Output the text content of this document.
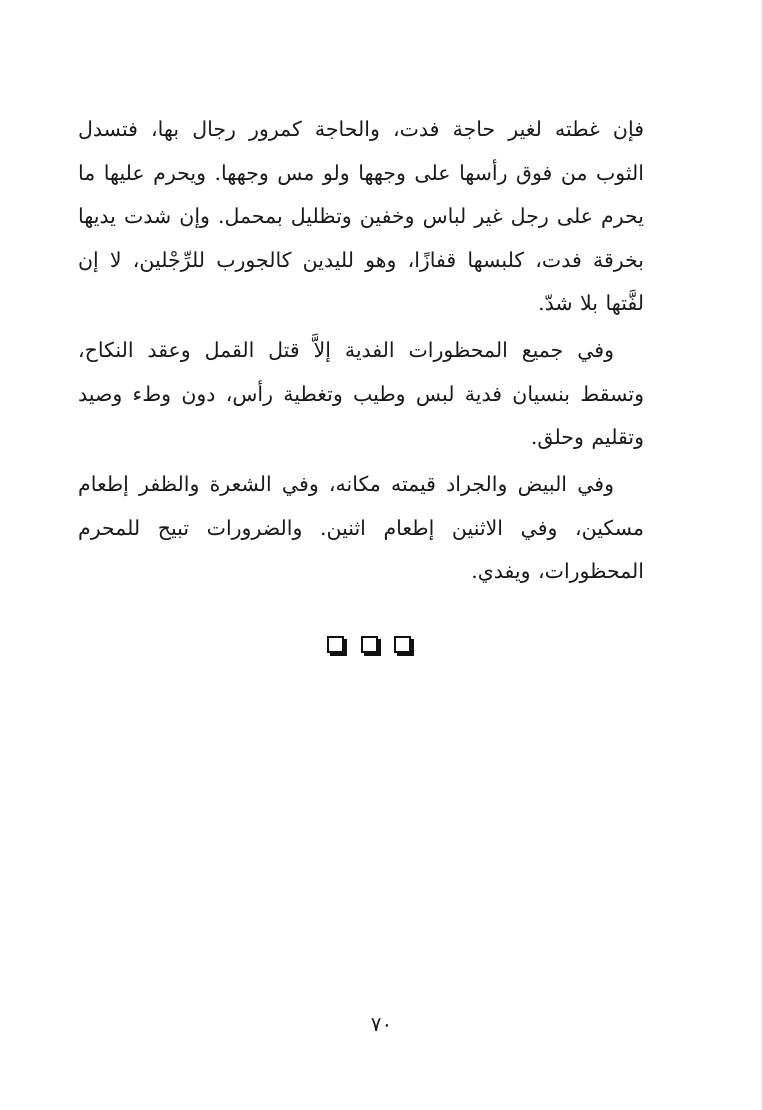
فإن غطته لغير حاجة فدت، والحاجة كمرور رجال بها، فتسدل الثوب من فوق رأسها على وجهها ولو مس وجهها. ويحرم عليها ما يحرم على رجل غير لباس وخفين وتظليل بمحمل. وإن شدت يديها بخرقة فدت، كلبسها قفازًا، وهو لليدين كالجورب للرِّجْلين، لا إن لفَّتها بلا شدّ.

وفي جميع المحظورات الفدية إلاَّ قتل القمل وعقد النكاح، وتسقط بنسيان فدية لبس وطيب وتغطية رأس، دون وطء وصيد وتقليم وحلق.

وفي البيض والجراد قيمته مكانه، وفي الشعرة والظفر إطعام مسكين، وفي الاثنين إطعام اثنين. والضرورات تبيح للمحرم المحظورات، ويفدي.

٧٠
